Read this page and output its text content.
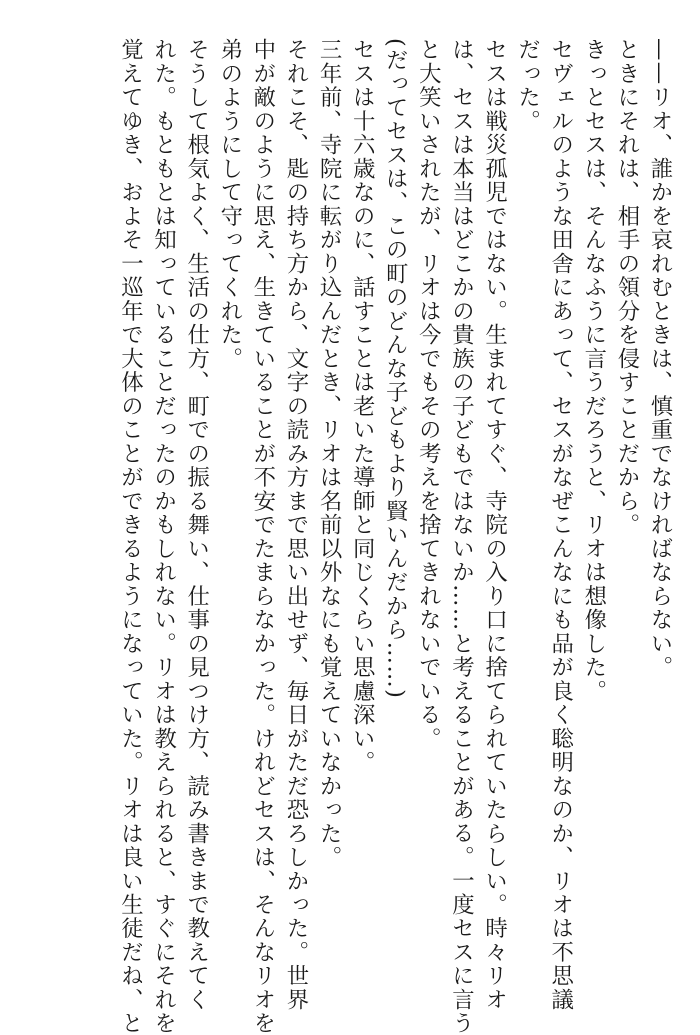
——リオ、誰かを哀れむときは、慎重でなければならない。

ときにそれは、相手の領分を侵すことだから。

きっとセスは、そんなふうに言うだろうと、リオは想像した。

セヴェルのような田舎にあって、セスがなぜこんなにも品が良く聡明なのか、リオは不思議

だった。

セスは戦災孤児ではない。生まれてすぐ、寺院の入り口に捨てられていたらしい。時々リオ

は、セスは本当はどこかの貴族の子どもではないか……と考えることがある。一度セスに言う

と大笑いされたが、リオは今でもその考えを捨てきれないでいる。

(だってセスは、この町のどんな子どもより賢いんだから……)

セスは十六歳なのに、話すことは老いた導師と同じくらい思慮深い。

三年前、寺院に転がり込んだとき、リオは名前以外なにも覚えていなかった。

それこそ、匙の持ち方から、文字の読み方まで思い出せず、毎日がただ恐ろしかった。世界

中が敵のように思え、生きていることが不安でたまらなかった。けれどセスは、そんなリオを

弟のようにして守ってくれた。

そうして根気よく、生活の仕方、町での振る舞い、仕事の見つけ方、読み書きまで教えてく

れた。もともとは知っていることだったのかもしれない。リオは教えられると、すぐにそれを

覚えてゆき、およそ一巡年で大体のことができるようになっていた。リオは良い生徒だね、と
